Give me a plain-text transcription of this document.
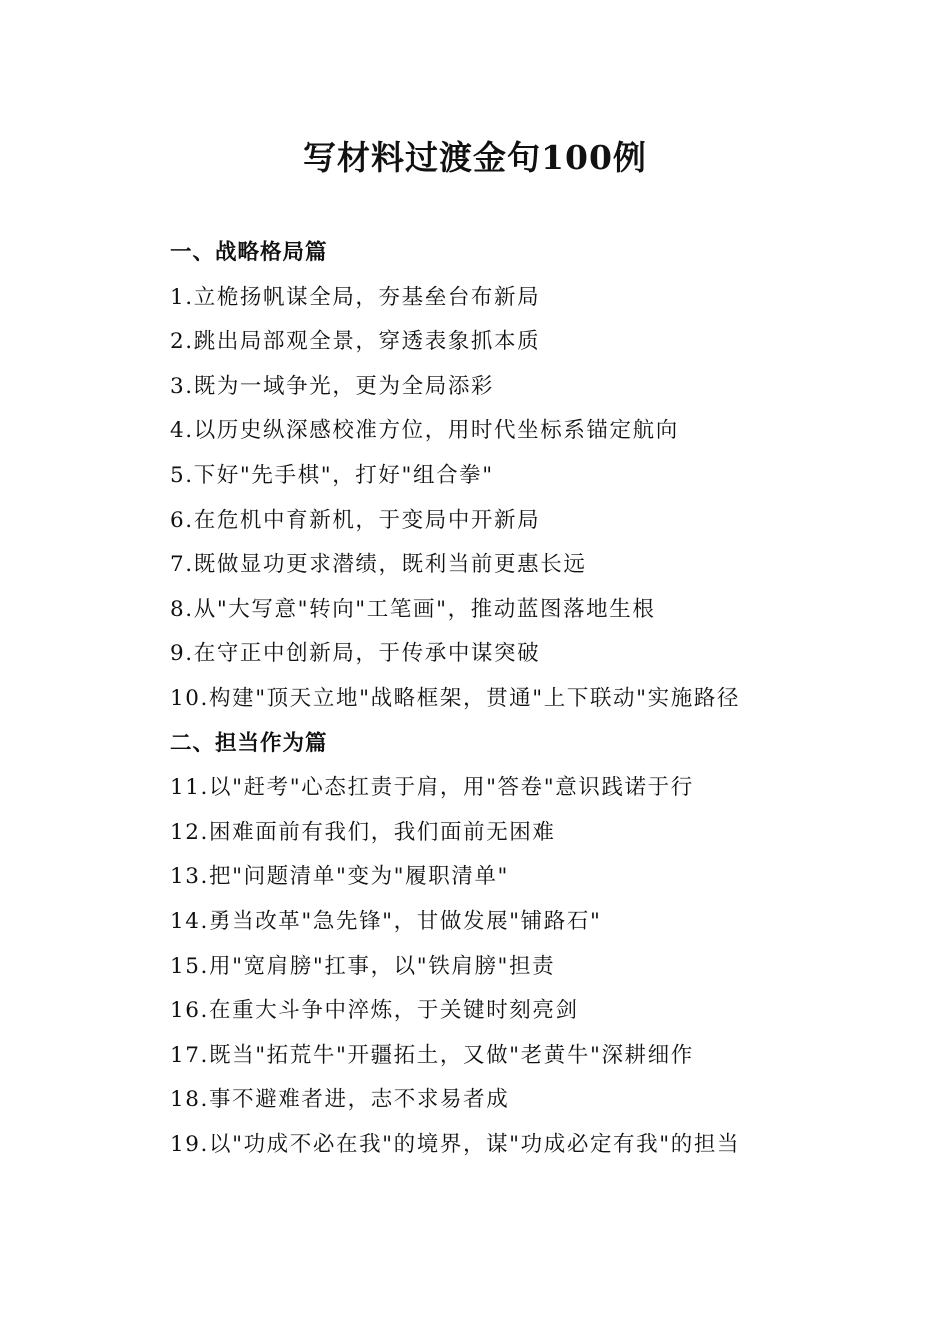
写材料过渡金句100例
一、战略格局篇
1.立桅扬帆谋全局，夯基垒台布新局
2.跳出局部观全景，穿透表象抓本质
3.既为一域争光，更为全局添彩
4.以历史纵深感校准方位，用时代坐标系锚定航向
5.下好"先手棋"，打好"组合拳"
6.在危机中育新机，于变局中开新局
7.既做显功更求潜绩，既利当前更惠长远
8.从"大写意"转向"工笔画"，推动蓝图落地生根
9.在守正中创新局，于传承中谋突破
10.构建"顶天立地"战略框架，贯通"上下联动"实施路径
二、担当作为篇
11.以"赶考"心态扛责于肩，用"答卷"意识践诺于行
12.困难面前有我们，我们面前无困难
13.把"问题清单"变为"履职清单"
14.勇当改革"急先锋"，甘做发展"铺路石"
15.用"宽肩膀"扛事，以"铁肩膀"担责
16.在重大斗争中淬炼，于关键时刻亮剑
17.既当"拓荒牛"开疆拓土，又做"老黄牛"深耕细作
18.事不避难者进，志不求易者成
19.以"功成不必在我"的境界，谋"功成必定有我"的担当
